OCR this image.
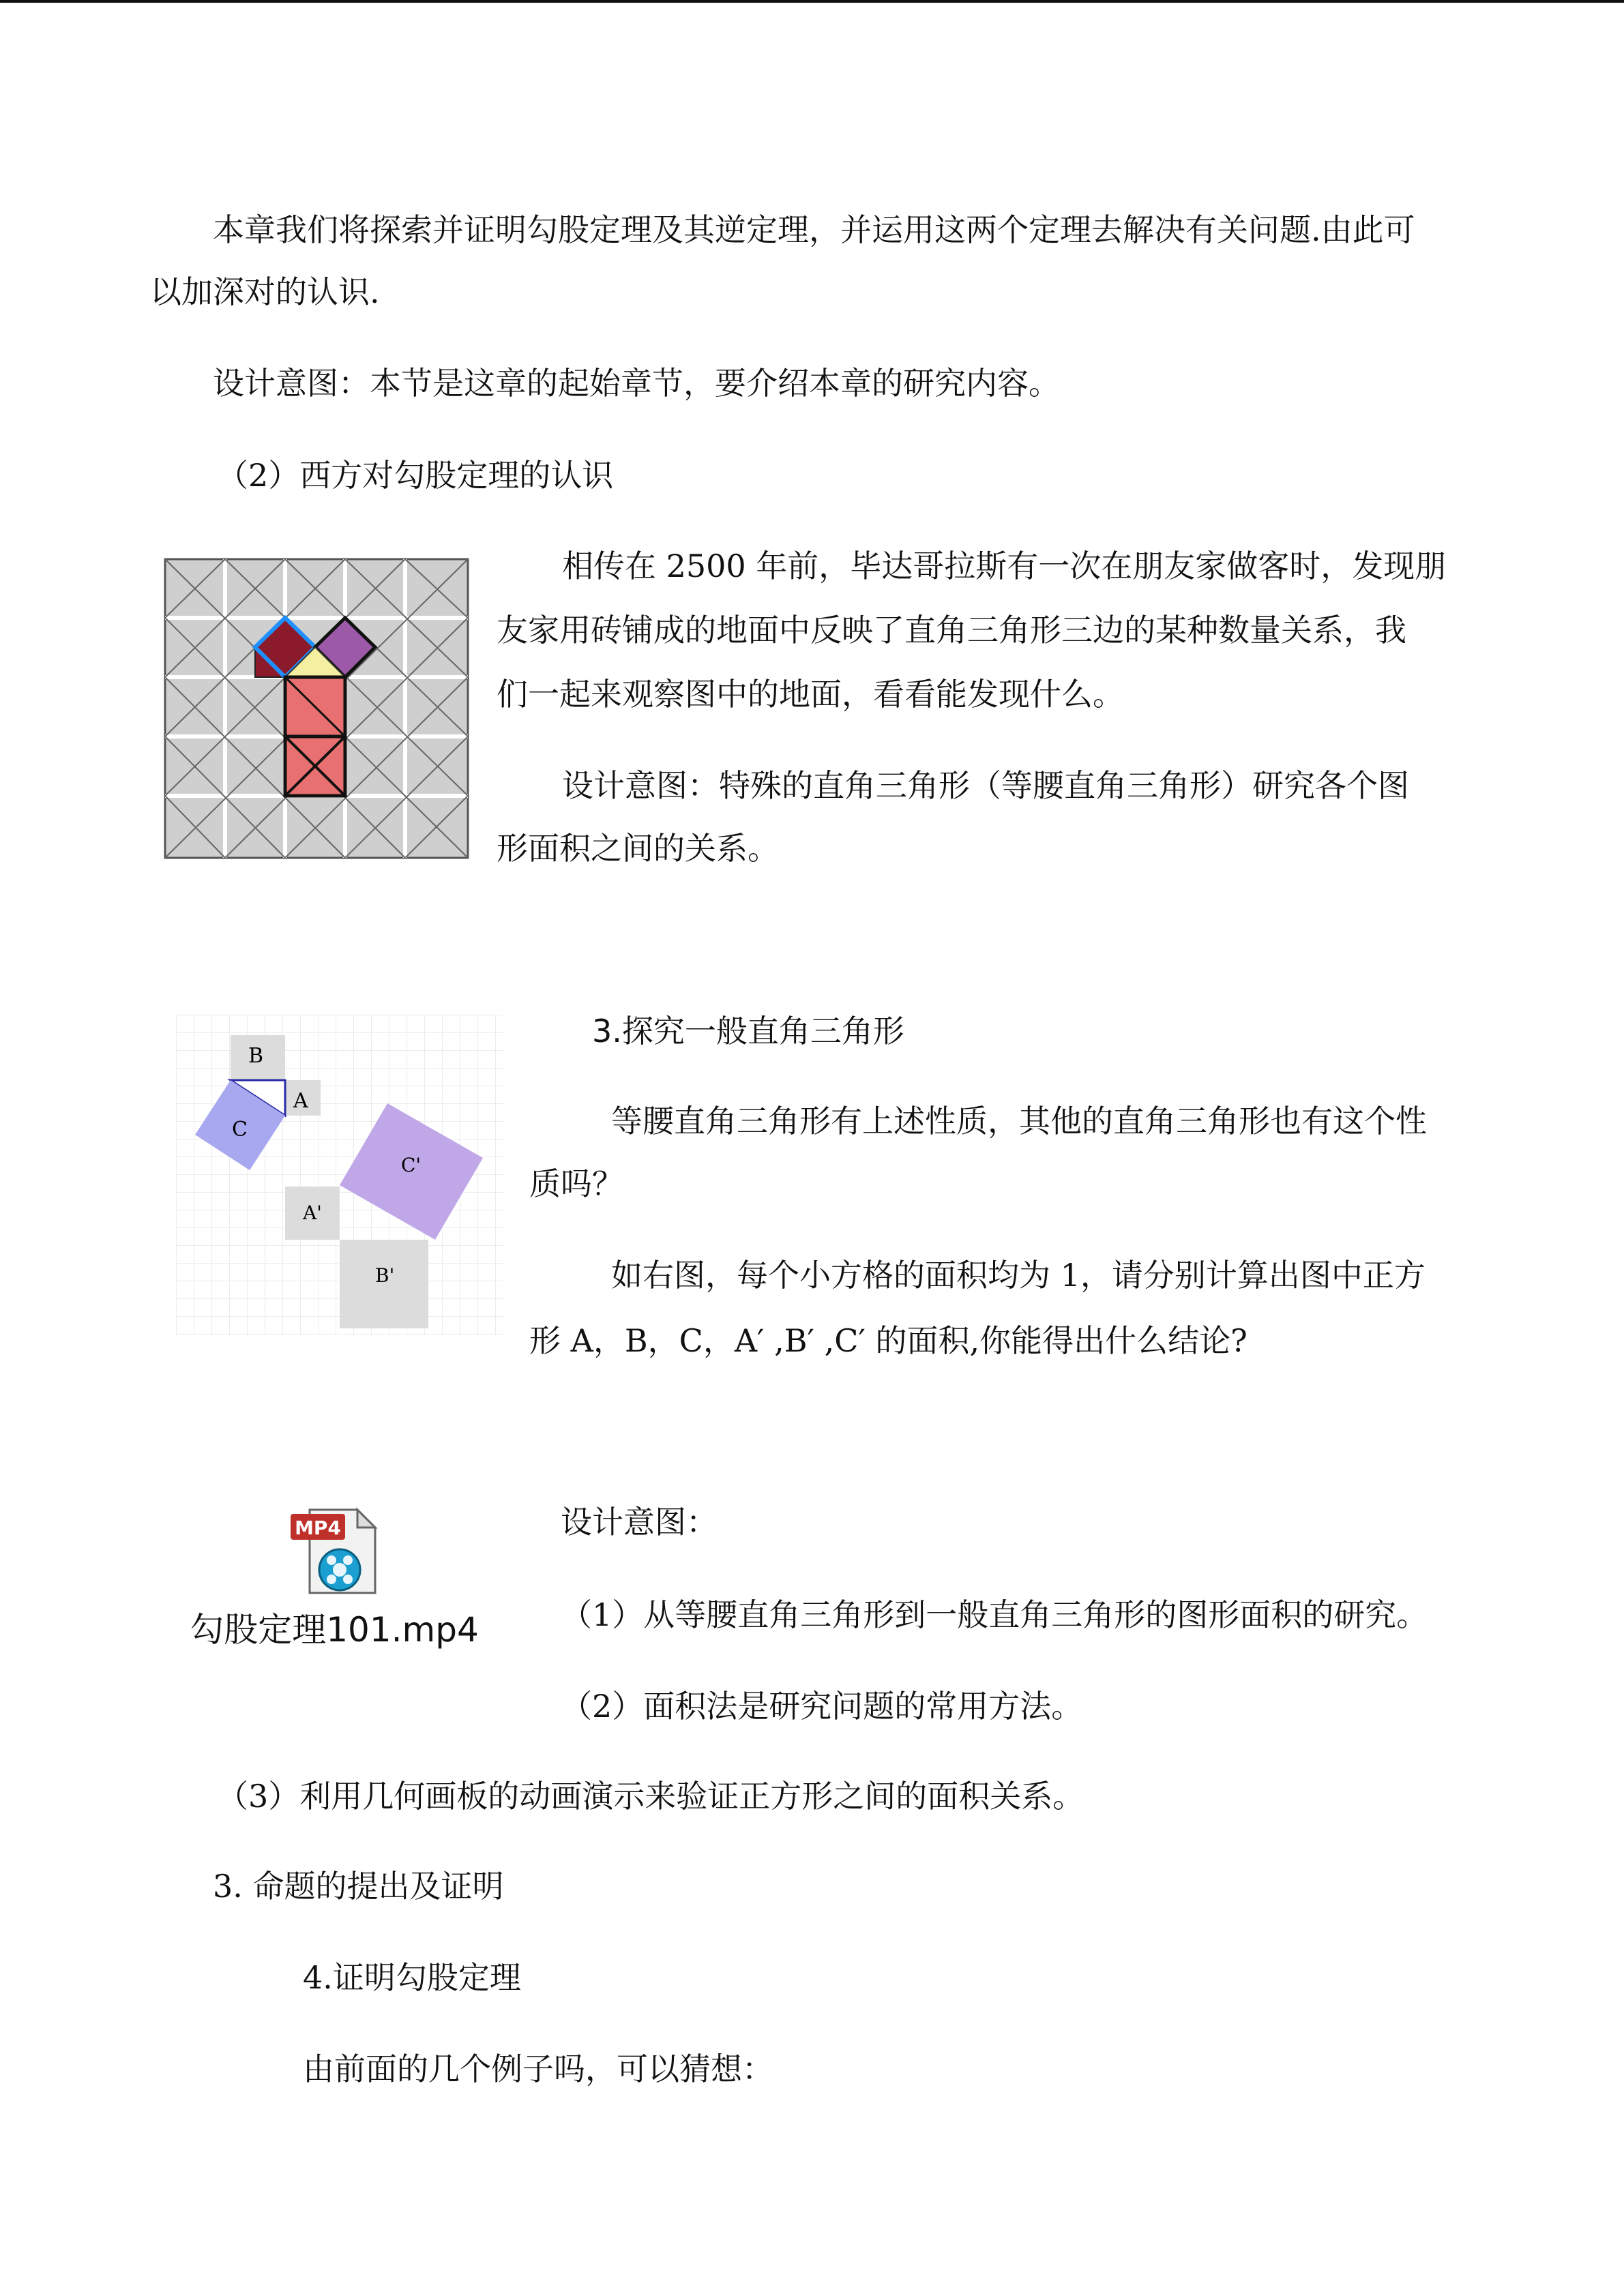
本章我们将探索并证明勾股定理及其逆定理，并运用这两个定理去解决有关问题.由此可
以加深对的认识.
设计意图：本节是这章的起始章节，要介绍本章的研究内容。
（2）西方对勾股定理的认识
相传在 2500 年前，毕达哥拉斯有一次在朋友家做客时，发现朋
友家用砖铺成的地面中反映了直角三角形三边的某种数量关系，我
们一起来观察图中的地面，看看能发现什么。
设计意图：特殊的直角三角形（等腰直角三角形）研究各个图
形面积之间的关系。
B
A
C
A'
B'
C'
3.探究一般直角三角形
等腰直角三角形有上述性质，其他的直角三角形也有这个性
质吗？
如右图，每个小方格的面积均为 1，请分别计算出图中正方
形 A，B，C，A′ ,B′ ,C′ 的面积,你能得出什么结论?
MP4
勾股定理101.mp4
设计意图：
（1）从等腰直角三角形到一般直角三角形的图形面积的研究。
（2）面积法是研究问题的常用方法。
（3）利用几何画板的动画演示来验证正方形之间的面积关系。
3. 命题的提出及证明
4.证明勾股定理
由前面的几个例子吗，可以猜想：
